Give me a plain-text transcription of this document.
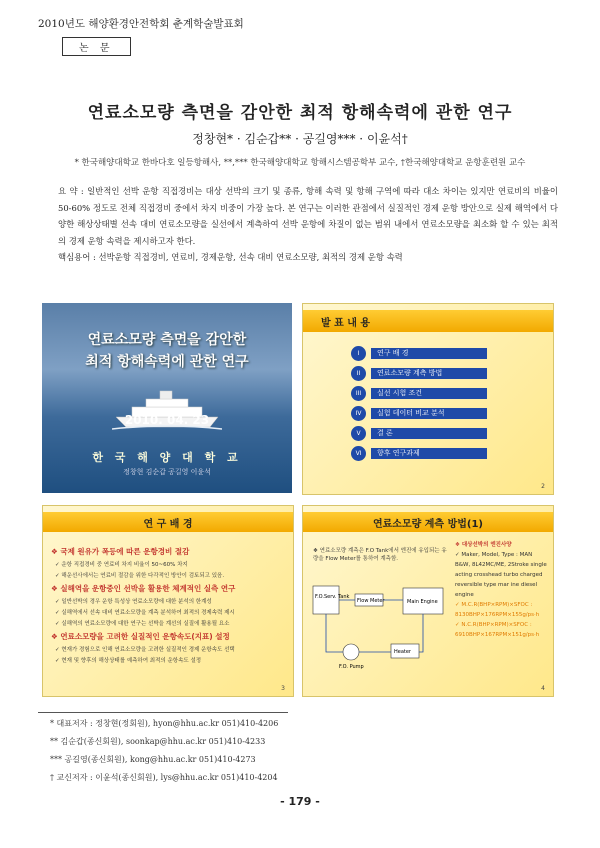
2010년도 해양환경안전학회 춘계학술발표회
논 문
연료소모량 측면을 감안한 최적 항해속력에 관한 연구
정창현* · 김순갑** · 공길영*** · 이윤석†
* 한국해양대학교 한바다호 일등항해사, **,*** 한국해양대학교 항해시스템공학부 교수, †한국해양대학교 운항훈련원 교수
요 약 : 일반적인 선박 운항 직접경비는 대상 선박의 크기 및 종류, 항해 속력 및 항해 구역에 따라 대소 차이는 있지만 연료비의 비율이 50-60% 정도로 전체 직접경비 중에서 차지 비중이 가장 높다. 본 연구는 이러한 관점에서 실질적인 경제 운항 방안으로 실제 해역에서 다양한 해상상태별 선속 대비 연료소모량을 실선에서 계측하여 선박 운항에 차질이 없는 범위 내에서 연료소모량을 최소화 할 수 있는 최적의 경제 운항 속력을 제시하고자 한다.
핵심용어 : 선박운항 직접경비, 연료비, 경제운항, 선속 대비 연료소모량, 최적의 경제 운항 속력
연료소모량 측면을 감안한
최적 항해속력에 관한 연구
2010. 04. 23
한 국 해 양 대 학 교
정창현 김순갑 공길영 이윤석
발 표 내 용
I	연구 배 경
II	연료소모량 계측 방법
III	실선 시험 조건
IV	실험 데이터 비교 분석
V	결 론
VI	향후 연구과제
2
연 구 배 경
❖ 국제 원유가 폭등에 따른 운항경비 절감
✓ 운항 직접경비 중 연료비 차지 비율이 50~60% 차지
✓ 해운선사에서는 연료비 절감을 위한 다각적인 방안이 검토되고 있음.
❖ 실해역을 운항중인 선박을 활용한 체계적인 실측 연구
✓ 일반선박의 경우 운항 특성상 연료소모량에 대한 분석의 한계성
✓ 실해역에서 선속 대비 연료소모량을 계측 분석하여 최적의 경제속력 제시
✓ 실해역의 연료소모량에 대한 연구는 선박을 계선의 실질에 활용될 요소
❖ 연료소모량을 고려한 실질적인 운항속도(지표) 설정
✓ 현재가 경험으로 인해 연료소모량을 고려한 실질적인 경제 운항속도 선택
✓ 현재 및 향후의 해상상태를 예측하여 최적의 운항속도 설정
3
연료소모량 계측 방법(1)
❖ 연료소모량 계측은 F.O Tank에서 엔진에 유입되는 유량을 Flow Meter를 통하여 계측함.
F.O.Serv. Tank
Flow Meter	Main Engine
F.O. Pump
Heater
❖ 대상선박의 엔진사양
✓ Maker, Model, Type : MAN B&W, 8L42MC/ME, 2Stroke single acting crosshead turbo charged reversible type mar ine diesel engine
✓ M.C.R(BHP×RPM)×SFOC : 8130BHP×176RPM×155g/ps·h
✓ N.C.R(BHP×RPM)×SFOC : 6910BHP×167RPM×151g/ps·h
4
* 대표저자 : 정창현(정회원), hyon@hhu.ac.kr 051)410-4206
** 김순갑(종신회원), soonkap@hhu.ac.kr 051)410-4233
*** 공길영(종신회원), kong@hhu.ac.kr 051)410-4273
† 교신저자 : 이윤석(종신회원), lys@hhu.ac.kr 051)410-4204
- 179 -
